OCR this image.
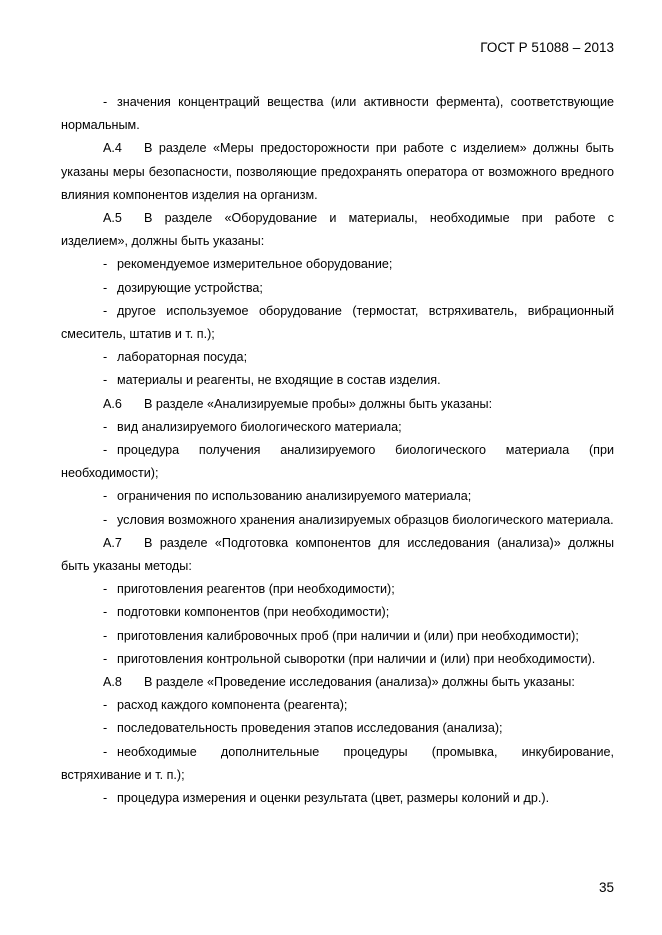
ГОСТ Р 51088 – 2013

- значения концентраций вещества (или активности фермента), соответствующие нормальным.

А.4 В разделе «Меры предосторожности при работе с изделием» должны быть указаны меры безопасности, позволяющие предохранять оператора от возможного вредного влияния компонентов изделия на организм.

А.5 В разделе «Оборудование и материалы, необходимые при работе с изделием», должны быть указаны:

- рекомендуемое измерительное оборудование;

- дозирующие устройства;

- другое используемое оборудование (термостат, встряхиватель, вибрационный смеситель, штатив и т. п.);

- лабораторная посуда;

- материалы и реагенты, не входящие в состав изделия.

А.6 В разделе «Анализируемые пробы» должны быть указаны:

- вид анализируемого биологического материала;

- процедура получения анализируемого биологического материала (при необходимости);

- ограничения по использованию анализируемого материала;

- условия возможного хранения анализируемых образцов биологического материала.

А.7 В разделе «Подготовка компонентов для исследования (анализа)» должны быть указаны методы:

- приготовления реагентов (при необходимости);

- подготовки компонентов (при необходимости);

- приготовления калибровочных проб (при наличии и (или) при необходимости);

- приготовления контрольной сыворотки (при наличии и (или) при необходимости).

А.8 В разделе «Проведение исследования (анализа)» должны быть указаны:

- расход каждого компонента (реагента);

- последовательность проведения этапов исследования (анализа);

- необходимые дополнительные процедуры (промывка, инкубирование, встряхивание и т. п.);

- процедура измерения и оценки результата (цвет, размеры колоний и др.).

35
